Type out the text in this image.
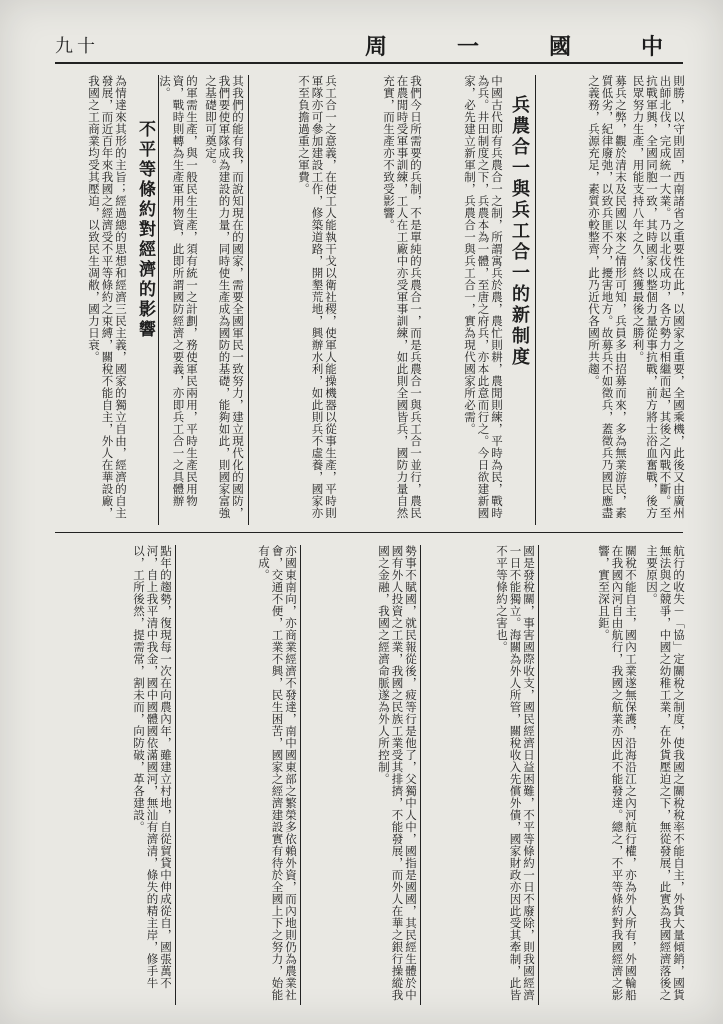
九十	周	一	國	中
則勝，以守則固，西南諸省之重要性在此，以國家之重要，全國乘機，此後又由廣州出師北伐，完成統一大業。乃以北伐成功，各方勢力相繼而起，其後之內戰不斷。至抗戰軍興，全國同胞一致，其時國家以整個力量從事抗戰，前方將士浴血奮戰，後方民眾努力生產，用能支持八年之久，終獲最後之勝利。
募兵之弊，觀於清末及民國以來之情形可知，兵員多由招募而來，多為無業游民，素質低劣，紀律廢弛，以致兵匪不分，擾害地方。故募兵不如徵兵，蓋徵兵乃國民應盡之義務，兵源充足，素質亦較整齊，此乃近代各國所共趨。
兵農合一與兵工合一的新制度
中國古代即有兵農合一之制，所謂寓兵於農，農忙則耕，農閒則練，平時為民，戰時為兵。井田制度之下，兵農本為一體，至唐之府兵，亦本此意而行之。今日欲建新國家，必先建立新軍制，兵農合一與兵工合一，實為現代國家所必需。
我們今日所需要的兵制，不是單純的兵農合一，而是兵農合一與兵工合一並行，農民在農閒時受軍事訓練，工人在工廠中亦受軍事訓練，如此則全國皆兵，國防力量自然充實，而生產亦不致受影響。
兵工合一之意義，在使工人能執干戈以衛社稷，使軍人能操機器以從事生產，平時則軍隊亦可參加建設工作，修築道路，開墾荒地，興辦水利，如此則兵不虛養，國家亦不至負擔過重之軍費。
其我們的能有我，而說知現在的國家，需要全國軍民一致努力，建立現代化的國防，我們要使軍隊成為建設的力量，同時使生產成為國防的基礎，能夠如此，則國家富強之基礎即可奠定。
的軍需生產，與一般民生生產，須有統一之計劃，務使軍民兩用，平時生產民用物資，戰時則轉為生產軍用物資，此即所謂國防經濟之要義，亦即兵工合一之具體辦法。
不平等條約對經濟的影響
為情達來其形的主旨；經過總的思想和經濟三民主義，國家的獨立自由，經濟的自主發展，而近百年來我國之經濟受不平等條約之束縛，關稅不能自主，外人在華設廠，我國之工商業均受其壓迫，以致民生凋敝，國力日衰。
航行的收失－「協」定關稅之制度，使我國之關稅稅率不能自主，外貨大量傾銷，國貨無法與之競爭，中國之幼稚工業，在外貨壓迫之下，無從發展，此實為我國經濟落後之主要原因。
關稅不能自主，國內工業遂無保護，沿海沿江之內河航行權，亦為外人所有，外國輪船在我國內河自由航行，我國之航業亦因此不能發達。總之，不平等條約對我國經濟之影響，實至深且鉅。
國是發稅關，事害國際收支，國民經濟日益困難，不平等條約一日不廢除，則我國經濟一日不能獨立。海關為外人所管，關稅收入先償外債，國家財政亦因此受其牽制，此皆不平等條約之害也。
勢事不賦國，就民報從後，疲等行是他了，父獨中人中，國指是國國，其民經生體於中國有外人投資之工業，我國之民族工業受其排擠，不能發展，而外人在華之銀行操縱我國之金融，我國之經濟命脈遂為外人所控制。
亦國東南向，亦商業經濟不發達，南中國東部之繁榮多依賴外資，而內地則仍為農業社會，交通不便，工業不興，民生困苦，國家之經濟建設實有待於全國上下之努力，始能有成。
點年的趨勢，復現每一次在向農內年，雖建立村地，自從貿貸中伸成從自，國張萬不河，自上我平清中我金，國中國體國依滿國河，無汕有濟清，條失的精主岸，修手牛以，工所後然，提需常，割未而，向防破，革各建設。
